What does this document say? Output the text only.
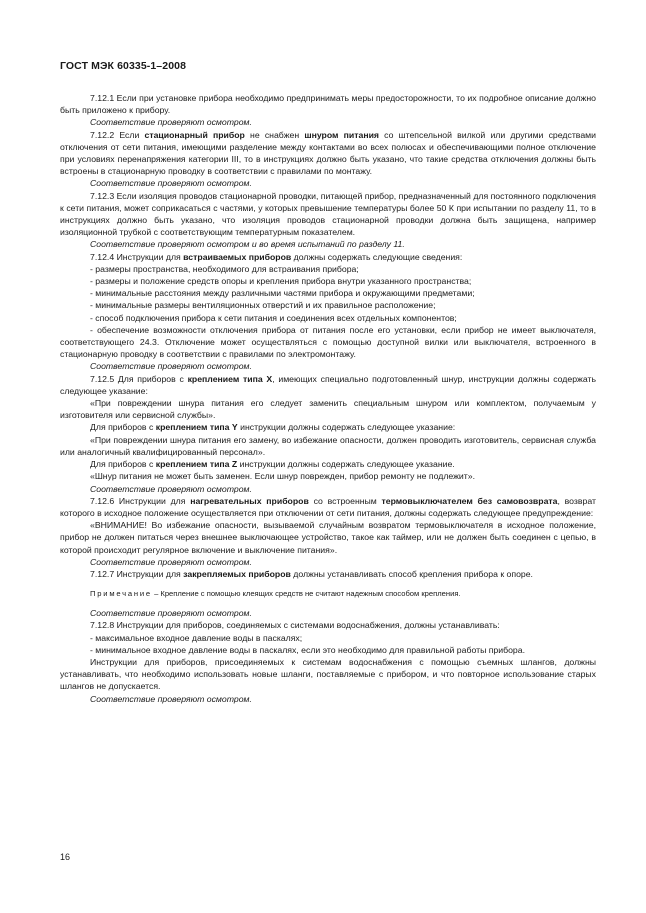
ГОСТ МЭК 60335-1–2008

7.12.1 Если при установке прибора необходимо предпринимать меры предосторожности, то их подробное описание должно быть приложено к прибору.

Соответствие проверяют осмотром.

7.12.2 Если стационарный прибор не снабжен шнуром питания со штепсельной вилкой или другими средствами отключения от сети питания, имеющими разделение между контактами во всех полюсах и обеспечивающими полное отключение при условиях перенапряжения категории III, то в инструкциях должно быть указано, что такие средства отключения должны быть встроены в стационарную проводку в соответствии с правилами по монтажу.

Соответствие проверяют осмотром.

7.12.3 Если изоляция проводов стационарной проводки, питающей прибор, предназначенный для постоянного подключения к сети питания, может соприкасаться с частями, у которых превышение температуры более 50 К при испытании по разделу 11, то в инструкциях должно быть указано, что изоляция проводов стационарной проводки должна быть защищена, например изоляционной трубкой с соответствующим температурным показателем.

Соответствие проверяют осмотром и во время испытаний по разделу 11.

7.12.4 Инструкции для встраиваемых приборов должны содержать следующие сведения:

- размеры пространства, необходимого для встраивания прибора;

- размеры и положение средств опоры и крепления прибора внутри указанного пространства;

- минимальные расстояния между различными частями прибора и окружающими предметами;

- минимальные размеры вентиляционных отверстий и их правильное расположение;

- способ подключения прибора к сети питания и соединения всех отдельных компонентов;

- обеспечение возможности отключения прибора от питания после его установки, если прибор не имеет выключателя, соответствующего 24.3. Отключение может осуществляться с помощью доступной вилки или выключателя, встроенного в стационарную проводку в соответствии с правилами по электромонтажу.

Соответствие проверяют осмотром.

7.12.5 Для приборов с креплением типа X, имеющих специально подготовленный шнур, инструкции должны содержать следующее указание:

«При повреждении шнура питания его следует заменить специальным шнуром или комплектом, получаемым у изготовителя или сервисной службы».

Для приборов с креплением типа Y инструкции должны содержать следующее указание:

«При повреждении шнура питания его замену, во избежание опасности, должен проводить изготовитель, сервисная служба или аналогичный квалифицированный персонал».

Для приборов с креплением типа Z инструкции должны содержать следующее указание.

«Шнур питания не может быть заменен. Если шнур поврежден, прибор ремонту не подлежит».

Соответствие проверяют осмотром.

7.12.6 Инструкции для нагревательных приборов со встроенным термовыключателем без самовозврата, возврат которого в исходное положение осуществляется при отключении от сети питания, должны содержать следующее предупреждение:

«ВНИМАНИЕ! Во избежание опасности, вызываемой случайным возвратом термовыключателя в исходное положение, прибор не должен питаться через внешнее выключающее устройство, такое как таймер, или не должен быть соединен с цепью, в которой происходит регулярное включение и выключение питания».

Соответствие проверяют осмотром.

7.12.7 Инструкции для закрепляемых приборов должны устанавливать способ крепления прибора к опоре.

Примечание – Крепление с помощью клеящих средств не считают надежным способом крепления.

Соответствие проверяют осмотром.

7.12.8 Инструкции для приборов, соединяемых с системами водоснабжения, должны устанавливать:

- максимальное входное давление воды в паскалях;

- минимальное входное давление воды в паскалях, если это необходимо для правильной работы прибора.

Инструкции для приборов, присоединяемых к системам водоснабжения с помощью съемных шлангов, должны устанавливать, что необходимо использовать новые шланги, поставляемые с прибором, и что повторное использование старых шлангов не допускается.

Соответствие проверяют осмотром.

16
